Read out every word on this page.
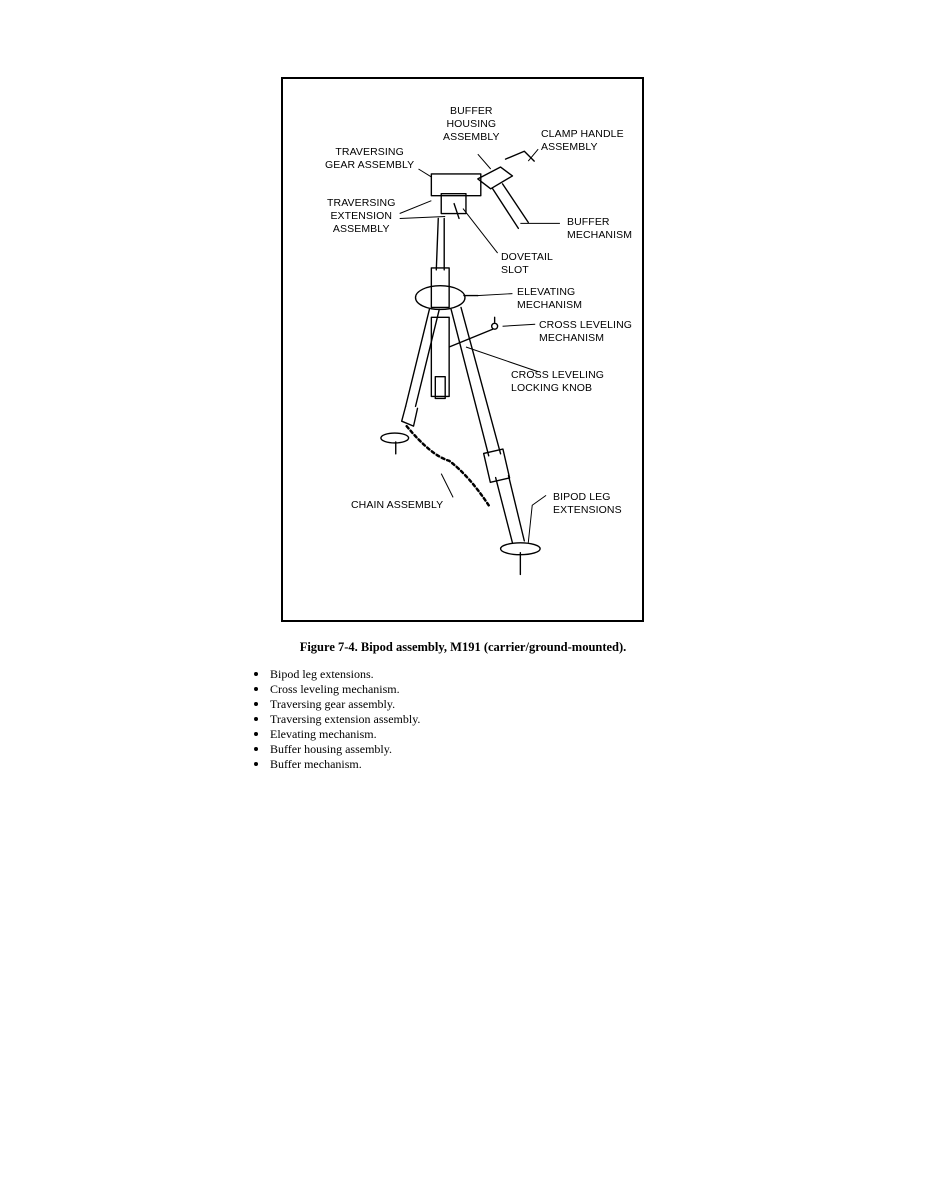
BUFFER
HOUSING
ASSEMBLY	CLAMP HANDLE
ASSEMBLY
TRAVERSING
GEAR ASSEMBLY
TRAVERSING
EXTENSION
ASSEMBLY
BUFFER
MECHANISM
DOVETAIL
SLOT
ELEVATING
MECHANISM
CROSS LEVELING
MECHANISM
CROSS LEVELING
LOCKING KNOB
CHAIN ASSEMBLY
BIPOD LEG
EXTENSIONS
Figure 7-4. Bipod assembly, M191 (carrier/ground-mounted).
Bipod leg extensions.
Cross leveling mechanism.
Traversing gear assembly.
Traversing extension assembly.
Elevating mechanism.
Buffer housing assembly.
Buffer mechanism.
